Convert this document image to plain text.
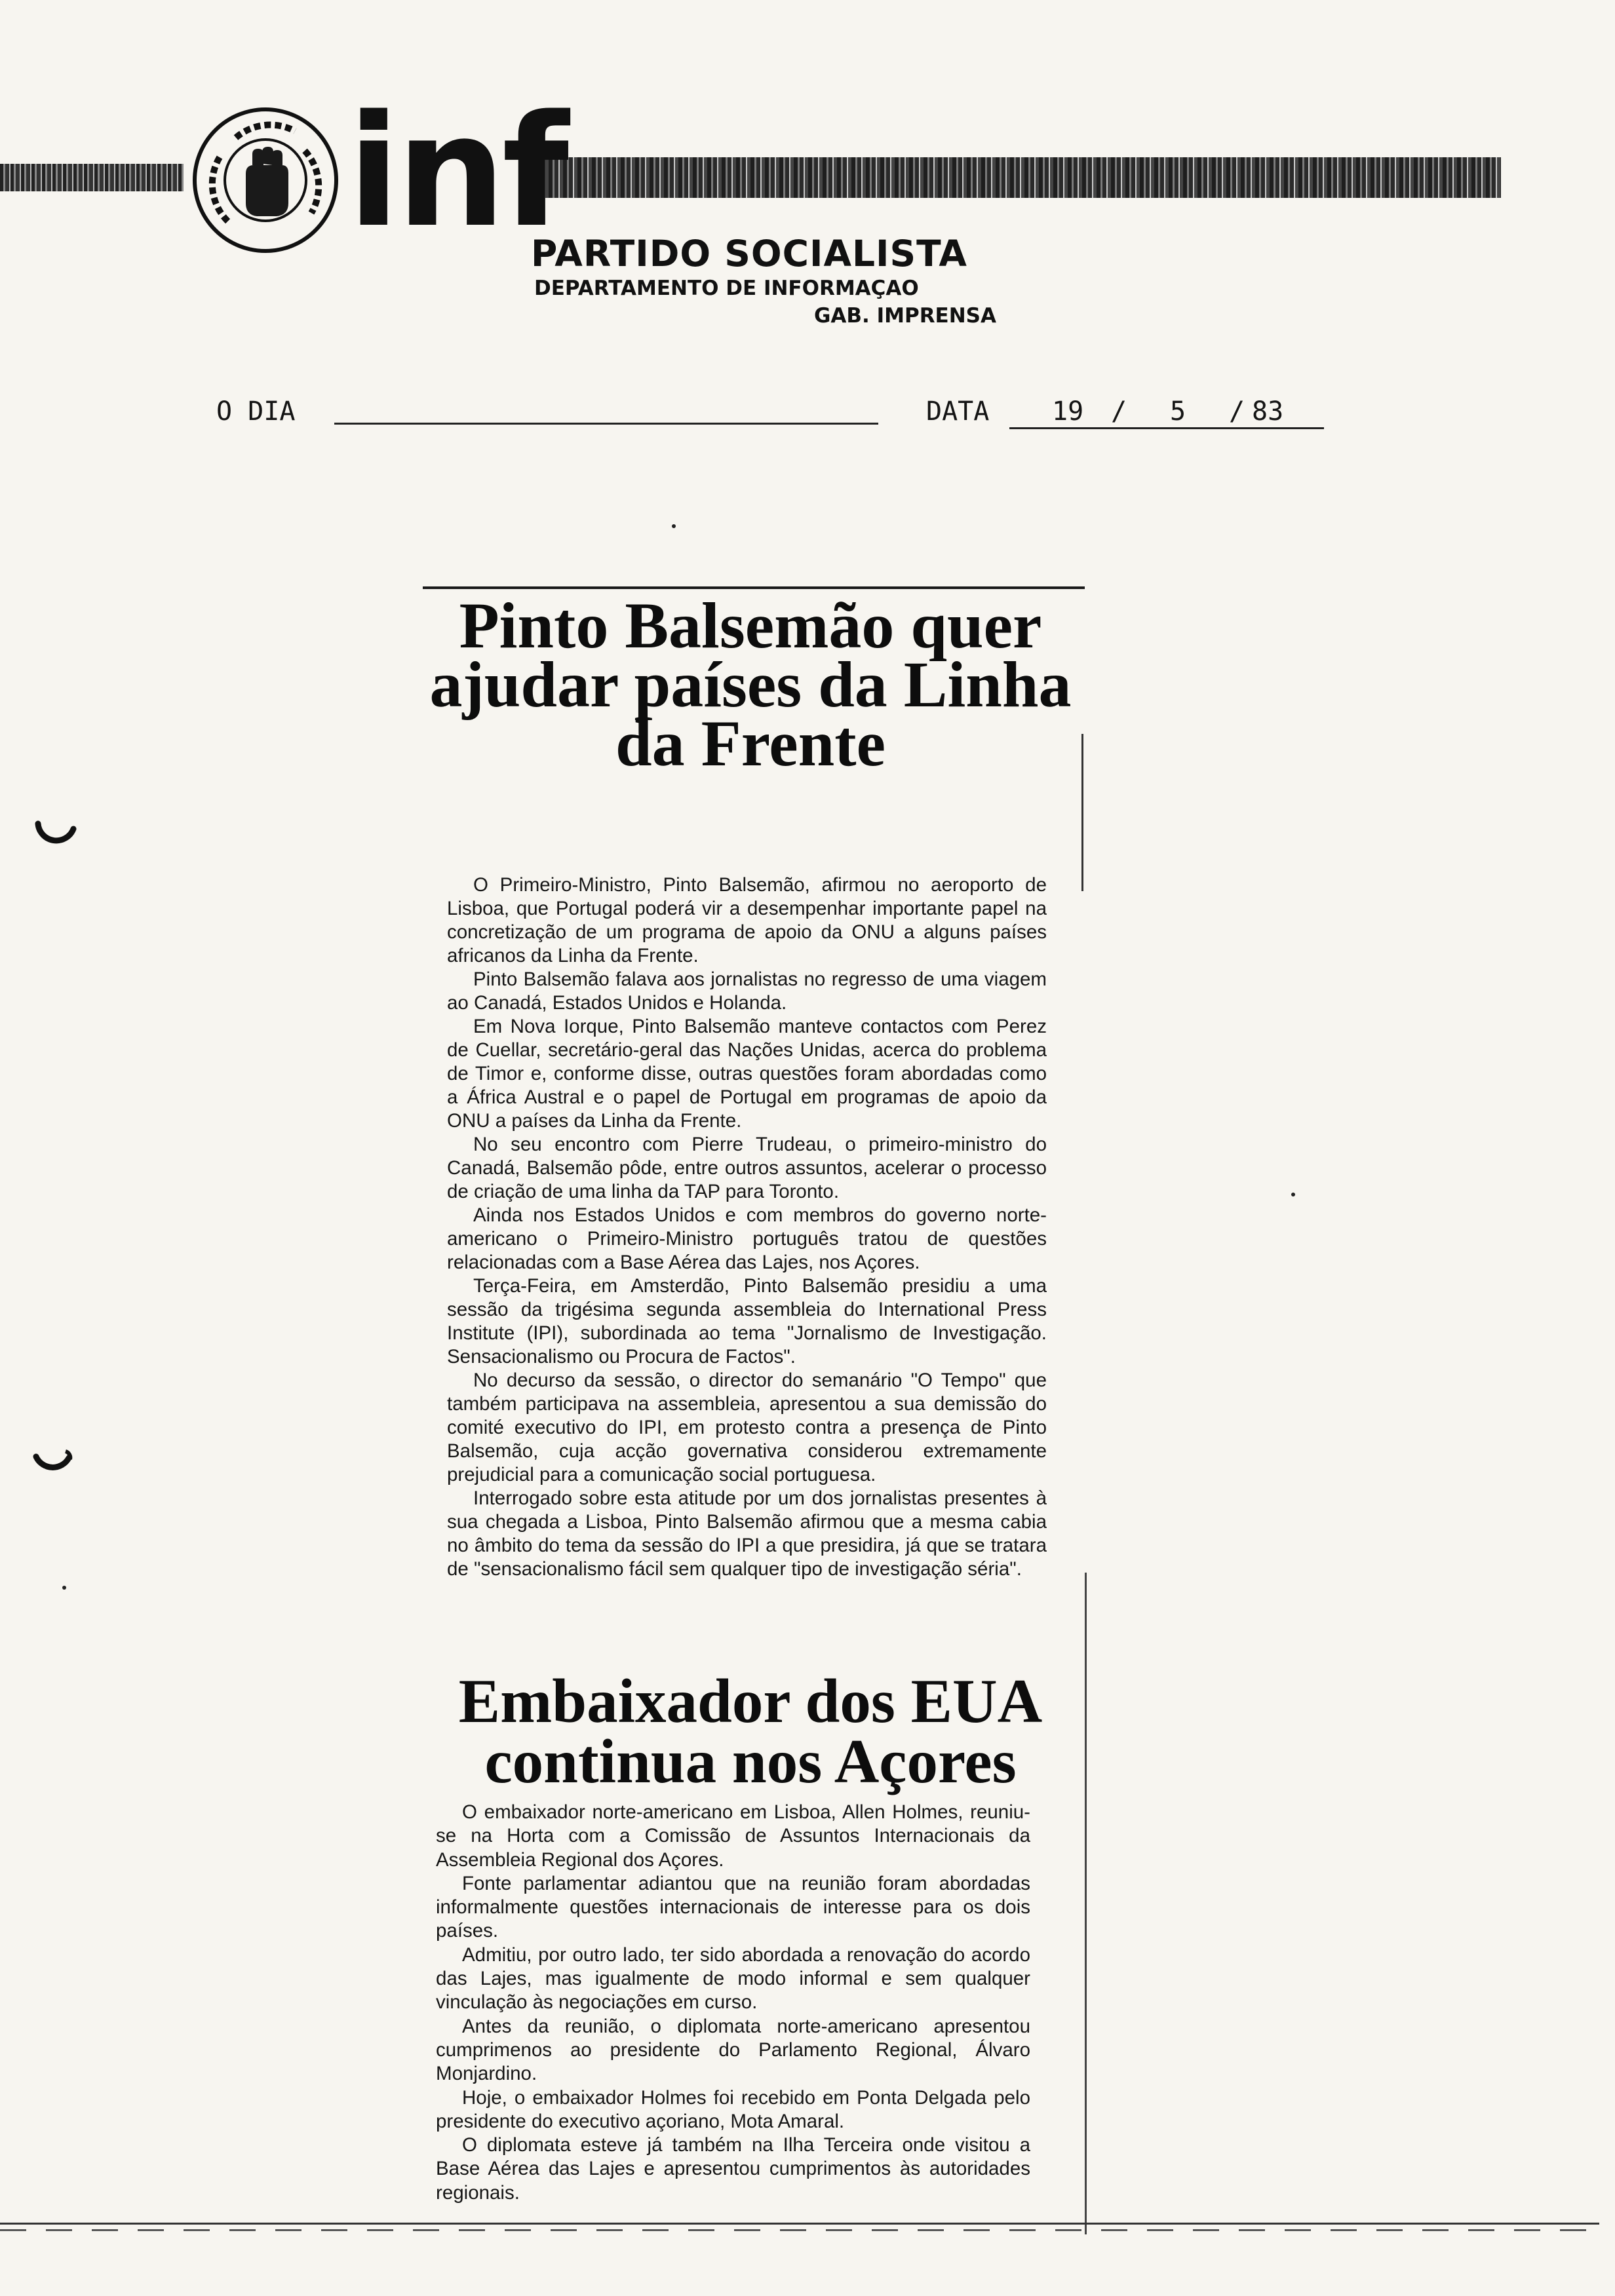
inf
PARTIDO SOCIALISTA
DEPARTAMENTO DE INFORMAÇAO
GAB. IMPRENSA
O DIA	DATA 19 / 5 / 83
Pinto Balsemão quer ajudar países da Linha da Frente

O Primeiro-Ministro, Pinto Balsemão, afirmou no aeroporto de Lisboa, que Portugal poderá vir a desempenhar importante papel na concretização de um programa de apoio da ONU a alguns países africanos da Linha da Frente.

Pinto Balsemão falava aos jornalistas no regresso de uma viagem ao Canadá, Estados Unidos e Holanda.

Em Nova Iorque, Pinto Balsemão manteve contactos com Perez de Cuellar, secretário-geral das Nações Unidas, acerca do problema de Timor e, conforme disse, outras questões foram abordadas como a África Austral e o papel de Portugal em programas de apoio da ONU a países da Linha da Frente.

No seu encontro com Pierre Trudeau, o primeiro-ministro do Canadá, Balsemão pôde, entre outros assuntos, acelerar o processo de criação de uma linha da TAP para Toronto.

Ainda nos Estados Unidos e com membros do governo norte-americano o Primeiro-Ministro português tratou de questões relacionadas com a Base Aérea das Lajes, nos Açores.

Terça-Feira, em Amsterdão, Pinto Balsemão presidiu a uma sessão da trigésima segunda assembleia do International Press Institute (IPI), subordinada ao tema "Jornalismo de Investigação. Sensacionalismo ou Procura de Factos".

No decurso da sessão, o director do semanário "O Tempo" que também participava na assembleia, apresentou a sua demissão do comité executivo do IPI, em protesto contra a presença de Pinto Balsemão, cuja acção governativa considerou extremamente prejudicial para a comunicação social portuguesa.

Interrogado sobre esta atitude por um dos jornalistas presentes à sua chegada a Lisboa, Pinto Balsemão afirmou que a mesma cabia no âmbito do tema da sessão do IPI a que presidira, já que se tratara de "sensacionalismo fácil sem qualquer tipo de investigação séria".

Embaixador dos EUA continua nos Açores

O embaixador norte-americano em Lisboa, Allen Holmes, reuniu-se na Horta com a Comissão de Assuntos Internacionais da Assembleia Regional dos Açores.

Fonte parlamentar adiantou que na reunião foram abordadas informalmente questões internacionais de interesse para os dois países.

Admitiu, por outro lado, ter sido abordada a renovação do acordo das Lajes, mas igualmente de modo informal e sem qualquer vinculação às negociações em curso.

Antes da reunião, o diplomata norte-americano apresentou cumprimenos ao presidente do Parlamento Regional, Álvaro Monjardino.

Hoje, o embaixador Holmes foi recebido em Ponta Delgada pelo presidente do executivo açoriano, Mota Amaral.

O diplomata esteve já também na Ilha Terceira onde visitou a Base Aérea das Lajes e apresentou cumprimentos às autoridades regionais.
